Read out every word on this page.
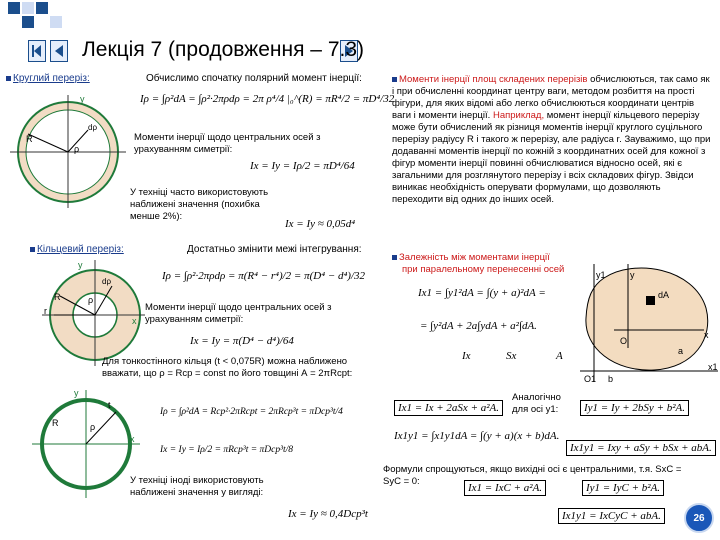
Лекція 7 (продовження – 7.3)
Круглий переріз:	Обчислимо спочатку полярний момент інерції:
y
R
ρ
dρ
Iρ = ∫ρ²dA = ∫ρ²·2πρdρ = 2π ρ⁴/4 |₀^(R) = πR⁴/2 = πD⁴/32
Моменти інерції щодо центральних осей з урахуванням симетрії:
Ix = Iy = Iρ/2 = πD⁴/64
У техніці часто використовують наближені значення (похибка менше 2%):
Ix = Iy ≈ 0,05d⁴
Кільцевий переріз:	Достатньо змінити межі інтегрування:
y
R
r
ρ
dρ
x
Iρ = ∫ρ²·2πρdρ = π(R⁴ − r⁴)/2 = π(D⁴ − d⁴)/32
Моменти інерції щодо центральних осей з урахуванням симетрії:
Ix = Iy = π(D⁴ − d⁴)/64
Для тонкостінного кільця (t < 0,075R) можна наближено вважати, що ρ = Rср = const по його товщині А = 2πRсрt:
y
R	ρ
t
x
Iρ = ∫ρ²dA = Rср²·2πRсрt = 2πRср³t = πDср³t/4
Ix = Iy = Iρ/2 = πRср³t = πDср³t/8
У техніці іноді використовують наближені значення у вигляді:
Ix = Iy ≈ 0,4Dср³t
Моменти інерції площ складених перерізів обчислюються, так само як і при обчисленні координат центру ваги, методом розбиття на прості фігури, для яких відомі або легко обчислюються координати центрів ваги і моменти інерції. Наприклад, момент інерції кільцевого перерізу може бути обчислений як різниця моментів інерції круглого суцільного перерізу радіусу R і такого ж перерізу, але радіуса r. Зауважимо, що при додаванні моментів інерції по кожній з координатних осей для кожної з фігур моменти інерції повинні обчислюватися відносно осей, які є загальними для розглянутого перерізу і всіх складових фігур. Звідси виникає необхідність оперувати формулами, що дозволяють переходити від одних до інших осей.
Залежність між моментами інерції
при паралельному перенесенні осей	y
y1
dA
O
O1
x
x1
a
b
Ix1 = ∫y1²dA = ∫(y + a)²dA =
= ∫y²dA + 2a∫ydA + a²∫dA.
Ix	Sx	A
Аналогічно для осі y1:
Ix1 = Ix + 2aSx + a²A.	Iy1 = Iy + 2bSy + b²A.
Ix1y1 = ∫x1y1dA = ∫(y + a)(x + b)dA.
Ix1y1 = Ixy + aSy + bSx + abA.
Формули спрощуються, якщо вихідні осі є центральними, т.я. SxC = SyC = 0:
Ix1 = IxC + a²A.	Iy1 = IyC + b²A.
Ix1y1 = IxCyC + abA.	26
